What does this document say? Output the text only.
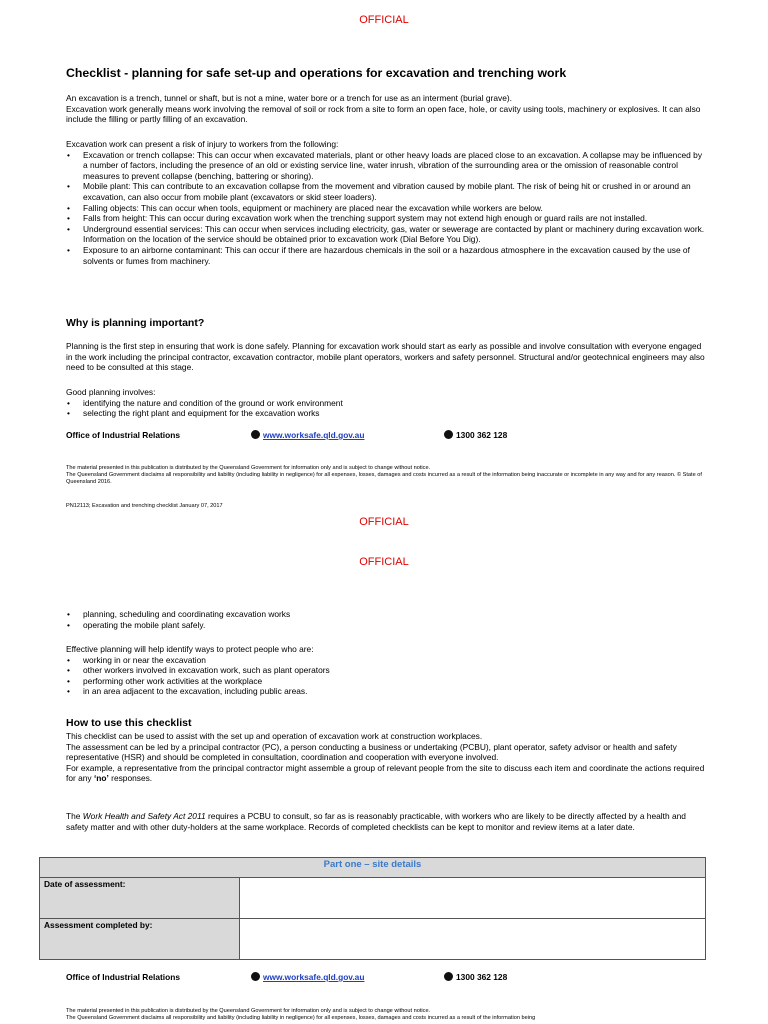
OFFICIAL
Checklist - planning for safe set-up and operations for excavation and trenching work
An excavation is a trench, tunnel or shaft, but is not a mine, water bore or a trench for use as an interment (burial grave).
Excavation work generally means work involving the removal of soil or rock from a site to form an open face, hole, or cavity using tools, machinery or explosives. It can also include the filling or partly filling of an excavation.
Excavation work can present a risk of injury to workers from the following:
• Excavation or trench collapse: This can occur when excavated materials, plant or other heavy loads are placed close to an excavation. A collapse may be influenced by a number of factors, including the presence of an old or existing service line, water inrush, vibration of the surrounding area or the omission of reasonable control measures to prevent collapse (benching, battering or shoring).
• Mobile plant: This can contribute to an excavation collapse from the movement and vibration caused by mobile plant. The risk of being hit or crushed in or around an excavation, can also occur from mobile plant (excavators or skid steer loaders).
• Falling objects: This can occur when tools, equipment or machinery are placed near the excavation while workers are below.
• Falls from height: This can occur during excavation work when the trenching support system may not extend high enough or guard rails are not installed.
• Underground essential services: This can occur when services including electricity, gas, water or sewerage are contacted by plant or machinery during excavation work. Information on the location of the service should be obtained prior to excavation work (Dial Before You Dig).
• Exposure to an airborne contaminant: This can occur if there are hazardous chemicals in the soil or a hazardous atmosphere in the excavation caused by the use of solvents or fumes from machinery.
Why is planning important?
Planning is the first step in ensuring that work is done safely. Planning for excavation work should start as early as possible and involve consultation with everyone engaged in the work including the principal contractor, excavation contractor, mobile plant operators, workers and safety personnel. Structural and/or geotechnical engineers may also need to be consulted at this stage.
Good planning involves:
• identifying the nature and condition of the ground or work environment
• selecting the right plant and equipment for the excavation works
Office of Industrial Relations	www.worksafe.qld.gov.au	1300 362 128
The material presented in this publication is distributed by the Queensland Government for information only and is subject to change without notice.
The Queensland Government disclaims all responsibility and liability (including liability in negligence) for all expenses, losses, damages and costs incurred as a result of the information being inaccurate or incomplete in any way and for any reason. © State of Queensland 2016.
PN12113; Excavation and trenching checklist January 07, 2017
OFFICIAL
OFFICIAL
• planning, scheduling and coordinating excavation works
• operating the mobile plant safely.
Effective planning will help identify ways to protect people who are:
• working in or near the excavation
• other workers involved in excavation work, such as plant operators
• performing other work activities at the workplace
• in an area adjacent to the excavation, including public areas.
How to use this checklist
This checklist can be used to assist with the set up and operation of excavation work at construction workplaces.
The assessment can be led by a principal contractor (PC), a person conducting a business or undertaking (PCBU), plant operator, safety advisor or health and safety representative (HSR) and should be completed in consultation, coordination and cooperation with everyone involved.
For example, a representative from the principal contractor might assemble a group of relevant people from the site to discuss each item and coordinate the actions required for any ‘no’ responses.
The Work Health and Safety Act 2011 requires a PCBU to consult, so far as is reasonably practicable, with workers who are likely to be directly affected by a health and safety matter and with other duty-holders at the same workplace. Records of completed checklists can be kept to monitor and review items at a later date.
Part one – site details	
Date of assessment:	
Assessment completed by:	
Office of Industrial Relations	www.worksafe.qld.gov.au	1300 362 128
The material presented in this publication is distributed by the Queensland Government for information only and is subject to change without notice.
The Queensland Government disclaims all responsibility and liability (including liability in negligence) for all expenses, losses, damages and costs incurred as a result of the information being
